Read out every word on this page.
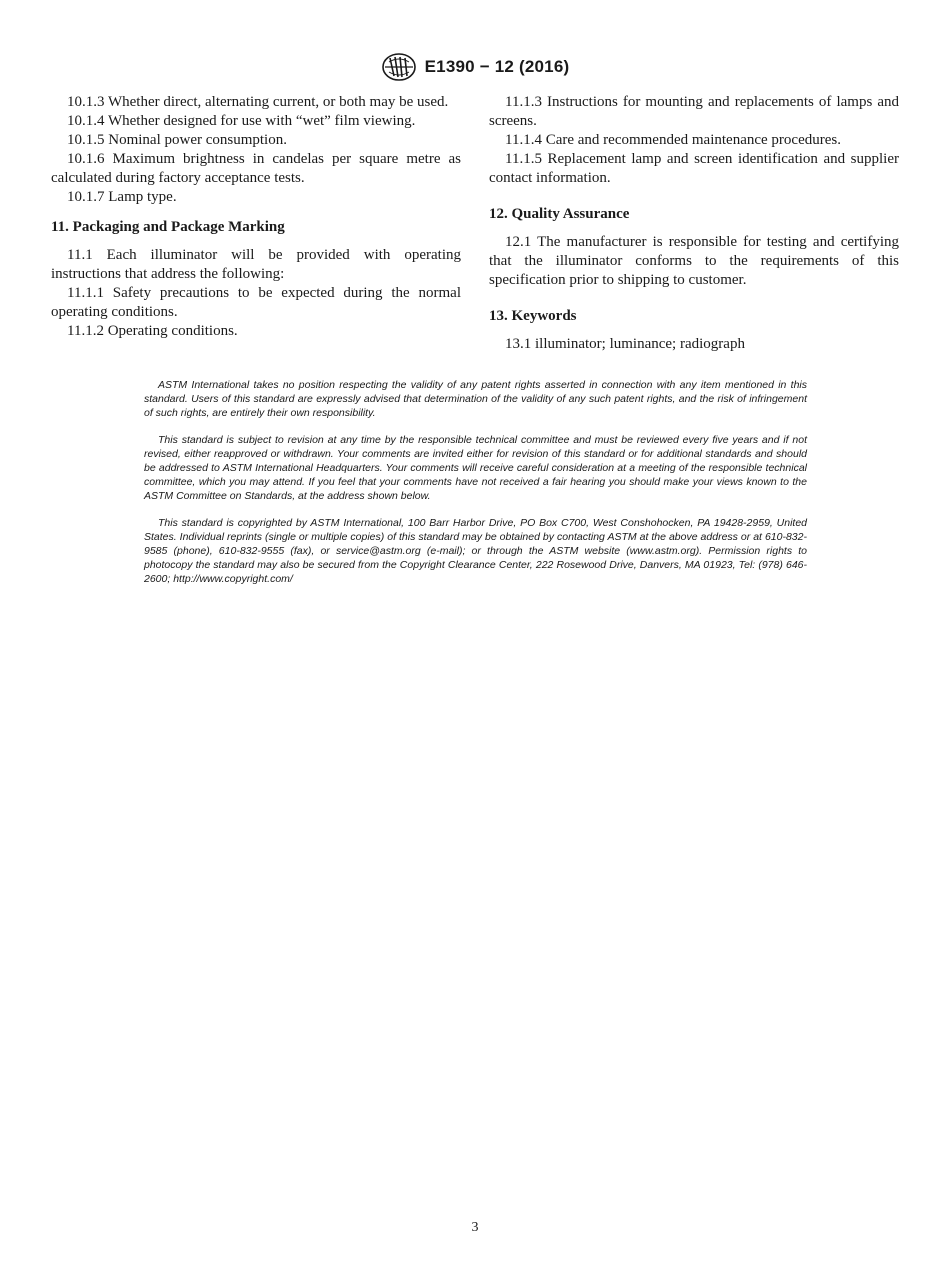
E1390 − 12 (2016)

10.1.3 Whether direct, alternating current, or both may be used.

10.1.4 Whether designed for use with “wet” film viewing.

10.1.5 Nominal power consumption.

10.1.6 Maximum brightness in candelas per square metre as calculated during factory acceptance tests.

10.1.7 Lamp type.

11. Packaging and Package Marking

11.1 Each illuminator will be provided with operating instructions that address the following:

11.1.1 Safety precautions to be expected during the normal operating conditions.

11.1.2 Operating conditions.

11.1.3 Instructions for mounting and replacements of lamps and screens.

11.1.4 Care and recommended maintenance procedures.

11.1.5 Replacement lamp and screen identification and supplier contact information.

12. Quality Assurance

12.1 The manufacturer is responsible for testing and certifying that the illuminator conforms to the requirements of this specification prior to shipping to customer.

13. Keywords

13.1 illuminator; luminance; radiograph

ASTM International takes no position respecting the validity of any patent rights asserted in connection with any item mentioned in this standard. Users of this standard are expressly advised that determination of the validity of any such patent rights, and the risk of infringement of such rights, are entirely their own responsibility.

This standard is subject to revision at any time by the responsible technical committee and must be reviewed every five years and if not revised, either reapproved or withdrawn. Your comments are invited either for revision of this standard or for additional standards and should be addressed to ASTM International Headquarters. Your comments will receive careful consideration at a meeting of the responsible technical committee, which you may attend. If you feel that your comments have not received a fair hearing you should make your views known to the ASTM Committee on Standards, at the address shown below.

This standard is copyrighted by ASTM International, 100 Barr Harbor Drive, PO Box C700, West Conshohocken, PA 19428-2959, United States. Individual reprints (single or multiple copies) of this standard may be obtained by contacting ASTM at the above address or at 610-832-9585 (phone), 610-832-9555 (fax), or service@astm.org (e-mail); or through the ASTM website (www.astm.org). Permission rights to photocopy the standard may also be secured from the Copyright Clearance Center, 222 Rosewood Drive, Danvers, MA 01923, Tel: (978) 646-2600; http://www.copyright.com/

3
